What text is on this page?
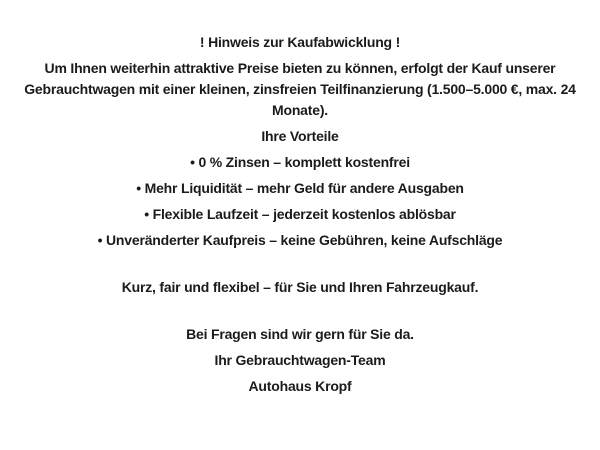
! Hinweis zur Kaufabwicklung !
Um Ihnen weiterhin attraktive Preise bieten zu können, erfolgt der Kauf unserer
Gebrauchtwagen mit einer kleinen, zinsfreien Teilfinanzierung (1.500–5.000 €, max. 24
Monate).
Ihre Vorteile
• 0 % Zinsen – komplett kostenfrei
• Mehr Liquidität – mehr Geld für andere Ausgaben
• Flexible Laufzeit – jederzeit kostenlos ablösbar
• Unveränderter Kaufpreis – keine Gebühren, keine Aufschläge
Kurz, fair und flexibel – für Sie und Ihren Fahrzeugkauf.
Bei Fragen sind wir gern für Sie da.
Ihr Gebrauchtwagen-Team
Autohaus Kropf
